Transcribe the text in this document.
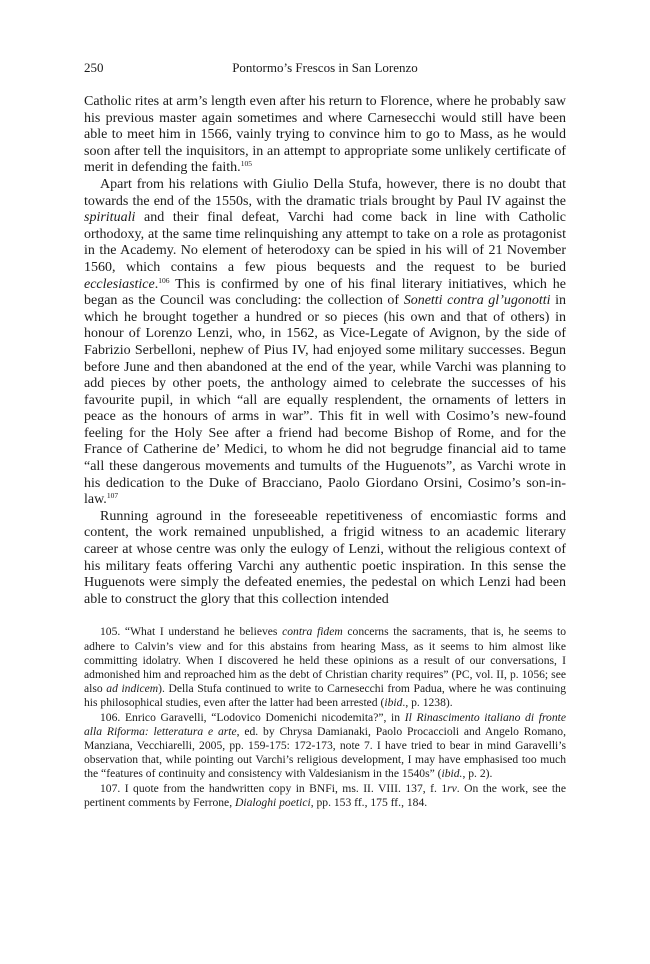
Pontormo’s Frescos in San Lorenzo
250

Catholic rites at arm’s length even after his return to Florence, where he probably saw his previous master again sometimes and where Carnesecchi would still have been able to meet him in 1566, vainly trying to convince him to go to Mass, as he would soon after tell the inquisitors, in an attempt to appropriate some unlikely certificate of merit in defending the faith.$^{105}$

Apart from his relations with Giulio Della Stufa, however, there is no doubt that towards the end of the 1550s, with the dramatic trials brought by Paul IV against the spirituali and their final defeat, Varchi had come back in line with Catholic orthodoxy, at the same time relinquishing any attempt to take on a role as protagonist in the Academy. No element of heterodoxy can be spied in his will of 21 November 1560, which contains a few pious bequests and the request to be buried ecclesiastice.$^{106}$ This is confirmed by one of his final literary initiatives, which he began as the Council was concluding: the collection of Sonetti contra gl’ugonotti in which he brought together a hundred or so pieces (his own and that of others) in honour of Lorenzo Lenzi, who, in 1562, as Vice-Legate of Avignon, by the side of Fabrizio Serbelloni, nephew of Pius IV, had enjoyed some military successes. Begun before June and then abandoned at the end of the year, while Varchi was planning to add pieces by other poets, the anthology aimed to celebrate the successes of his favourite pupil, in which “all are equally resplendent, the ornaments of letters in peace as the honours of arms in war”. This fit in well with Cosimo’s new-found feeling for the Holy See after a friend had become Bishop of Rome, and for the France of Catherine de’ Medici, to whom he did not begrudge financial aid to tame “all these dangerous movements and tumults of the Huguenots”, as Varchi wrote in his dedication to the Duke of Bracciano, Paolo Giordano Orsini, Cosimo’s son-in-law.$^{107}$

Running aground in the foreseeable repetitiveness of encomiastic forms and content, the work remained unpublished, a frigid witness to an academic literary career at whose centre was only the eulogy of Lenzi, without the religious context of his military feats offering Varchi any authentic poetic inspiration. In this sense the Huguenots were simply the defeated enemies, the pedestal on which Lenzi had been able to construct the glory that this collection intended

105. “What I understand he believes contra fidem concerns the sacraments, that is, he seems to adhere to Calvin’s view and for this abstains from hearing Mass, as it seems to him almost like committing idolatry. When I discovered he held these opinions as a result of our conversations, I admonished him and reproached him as the debt of Christian charity requires” (PC, vol. II, p. 1056; see also ad indicem). Della Stufa continued to write to Carnesecchi from Padua, where he was continuing his philosophical studies, even after the latter had been arrested (ibid., p. 1238).

106. Enrico Garavelli, “Lodovico Domenichi nicodemita?”, in Il Rinascimento italiano di fronte alla Riforma: letteratura e arte, ed. by Chrysa Damianaki, Paolo Procaccioli and Angelo Romano, Manziana, Vecchiarelli, 2005, pp. 159-175: 172-173, note 7. I have tried to bear in mind Garavelli’s observation that, while pointing out Varchi’s religious development, I may have emphasised too much the “features of continuity and consistency with Valdesianism in the 1540s” (ibid., p. 2).

107. I quote from the handwritten copy in BNFi, ms. II. VIII. 137, f. 1rv. On the work, see the pertinent comments by Ferrone, Dialoghi poetici, pp. 153 ff., 175 ff., 184.
